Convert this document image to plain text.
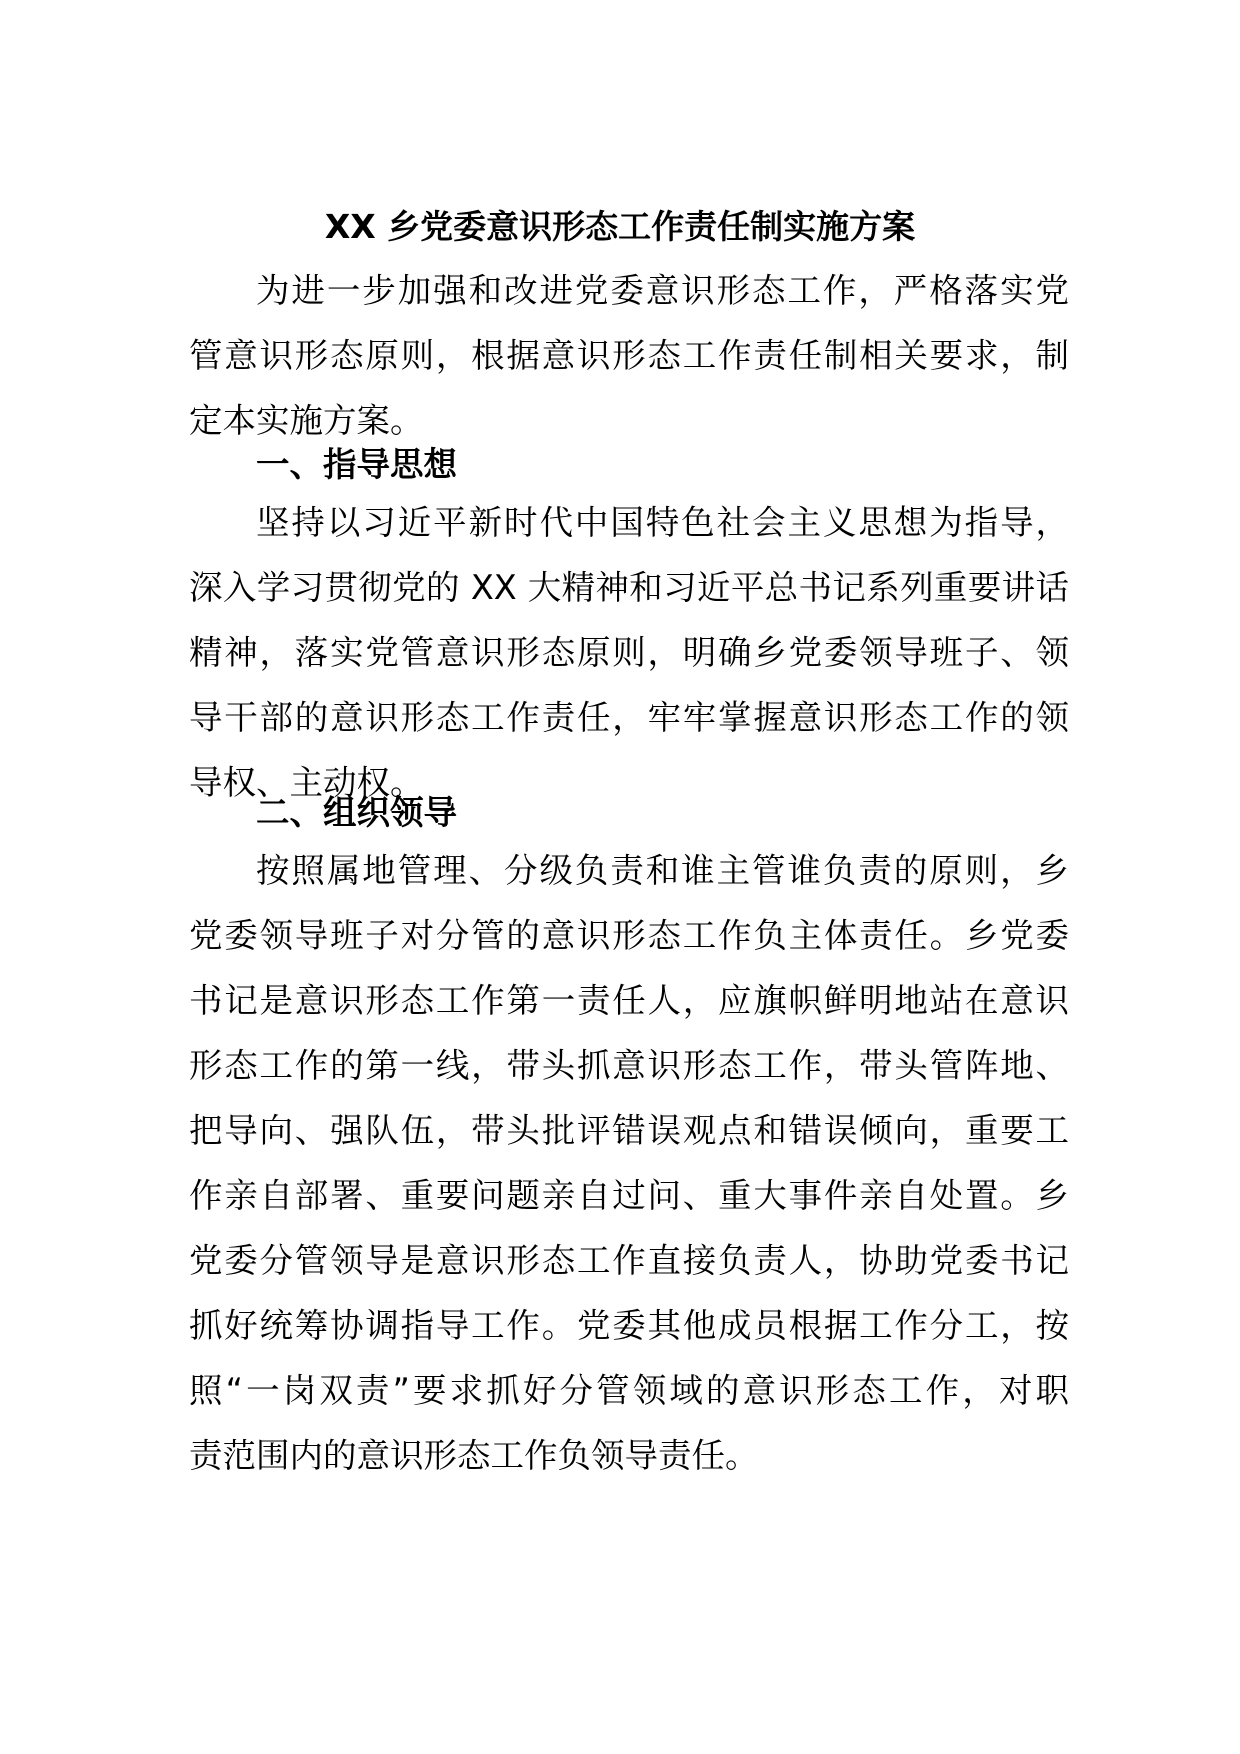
XX 乡党委意识形态工作责任制实施方案
为进一步加强和改进党委意识形态工作，严格落实党
管意识形态原则，根据意识形态工作责任制相关要求，制
定本实施方案。
一、指导思想
坚持以习近平新时代中国特色社会主义思想为指导，
深入学习贯彻党的 XX 大精神和习近平总书记系列重要讲话
精神，落实党管意识形态原则，明确乡党委领导班子、领
导干部的意识形态工作责任，牢牢掌握意识形态工作的领
导权、主动权。
二、组织领导
按照属地管理、分级负责和谁主管谁负责的原则，乡
党委领导班子对分管的意识形态工作负主体责任。乡党委
书记是意识形态工作第一责任人，应旗帜鲜明地站在意识
形态工作的第一线，带头抓意识形态工作，带头管阵地、
把导向、强队伍，带头批评错误观点和错误倾向，重要工
作亲自部署、重要问题亲自过问、重大事件亲自处置。乡
党委分管领导是意识形态工作直接负责人，协助党委书记
抓好统筹协调指导工作。党委其他成员根据工作分工，按
照“一岗双责”要求抓好分管领域的意识形态工作，对职
责范围内的意识形态工作负领导责任。
